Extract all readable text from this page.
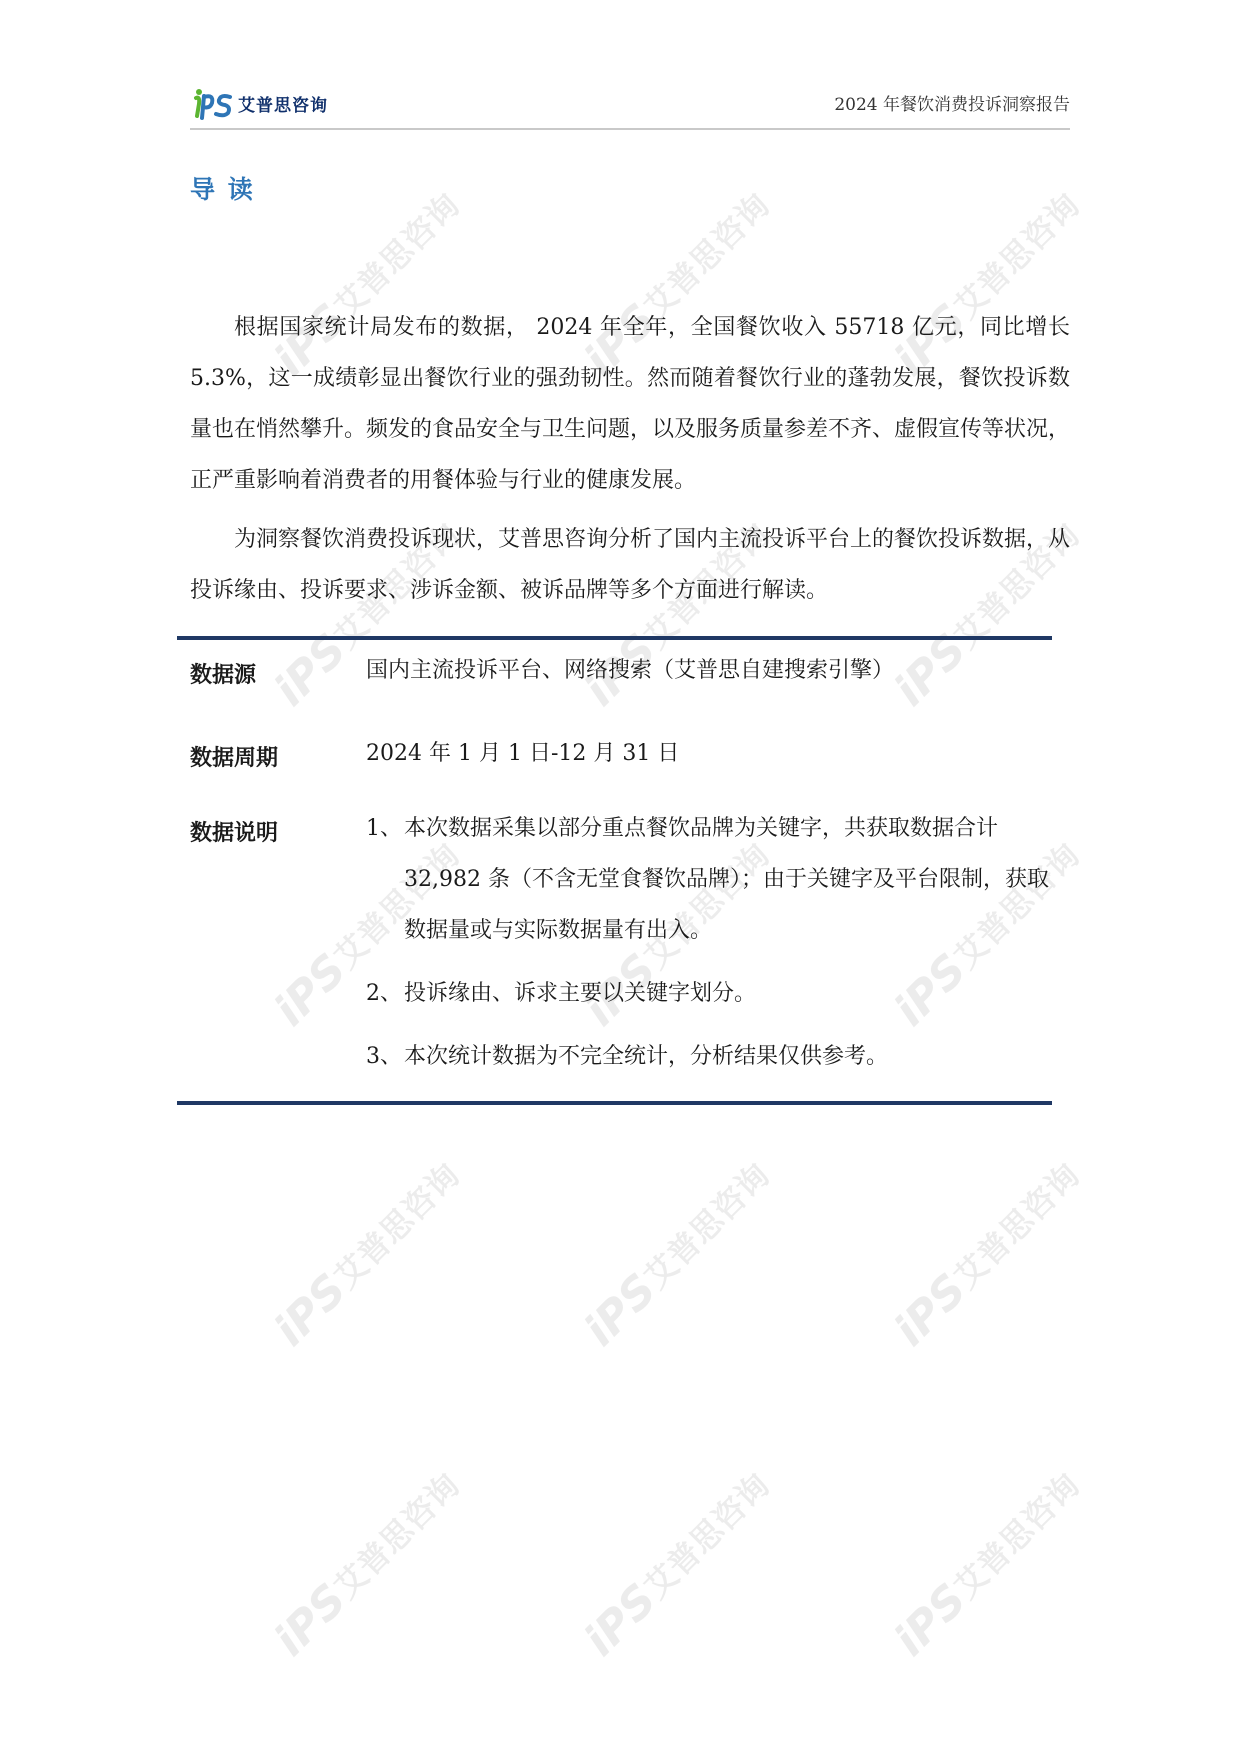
iPS
艾普思咨询
iPS
艾普思咨询
iPS
艾普思咨询
iPS
艾普思咨询
iPS
艾普思咨询
iPS
艾普思咨询
iPS
艾普思咨询
iPS
艾普思咨询
iPS
艾普思咨询
iPS
艾普思咨询
iPS
艾普思咨询
iPS
艾普思咨询
iPS
艾普思咨询
iPS
艾普思咨询
iPS
艾普思咨询
艾普思咨询	2024 年餐饮消费投诉洞察报告
导 读

根据国家统计局发布的数据， 2024 年全年，全国餐饮收入 55718 亿元，同比增长 5.3%，这一成绩彰显出餐饮行业的强劲韧性。然而随着餐饮行业的蓬勃发展，餐饮投诉数量也在悄然攀升。频发的食品安全与卫生问题，以及服务质量参差不齐、虚假宣传等状况，正严重影响着消费者的用餐体验与行业的健康发展。

为洞察餐饮消费投诉现状，艾普思咨询分析了国内主流投诉平台上的餐饮投诉数据，从投诉缘由、投诉要求、涉诉金额、被诉品牌等多个方面进行解读。

数据源	国内主流投诉平台、网络搜索（艾普思自建搜索引擎）
数据周期	2024 年 1 月 1 日-12 月 31 日
数据说明	1、 本次数据采集以部分重点餐饮品牌为关键字，共获取数据合计 32,982 条（不含无堂食餐饮品牌）；由于关键字及平台限制，获取数据量或与实际数据量有出入。
2、 投诉缘由、诉求主要以关键字划分。
3、 本次统计数据为不完全统计，分析结果仅供参考。
